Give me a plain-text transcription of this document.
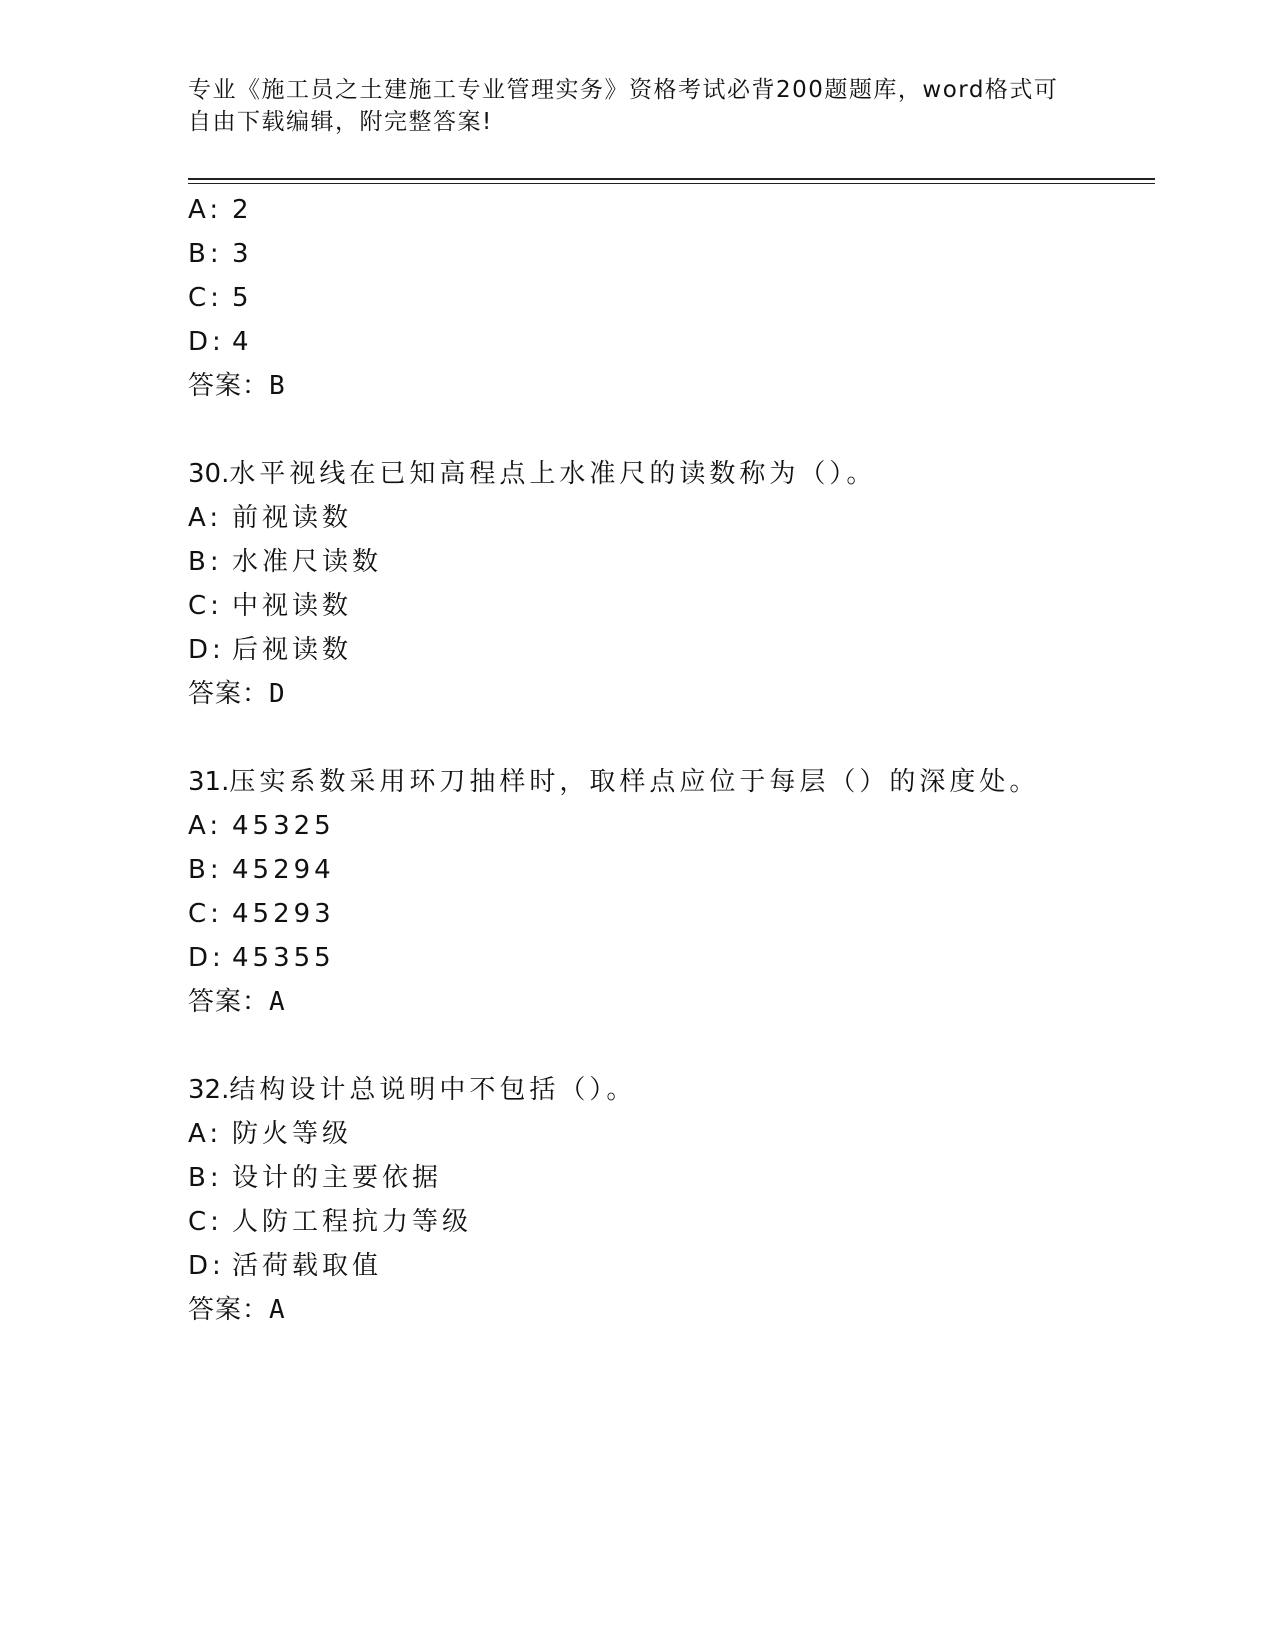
专业《施工员之土建施工专业管理实务》资格考试必背200题题库，word格式可
自由下载编辑，附完整答案!
A: 2
B: 3
C: 5
D: 4
答案：B
30.水平视线在已知高程点上水准尺的读数称为（）。
A: 前视读数
B: 水准尺读数
C: 中视读数
D: 后视读数
答案：D
31.压实系数采用环刀抽样时，取样点应位于每层（）的深度处。
A: 45325
B: 45294
C: 45293
D: 45355
答案：A
32.结构设计总说明中不包括（）。
A: 防火等级
B: 设计的主要依据
C: 人防工程抗力等级
D: 活荷载取值
答案：A
